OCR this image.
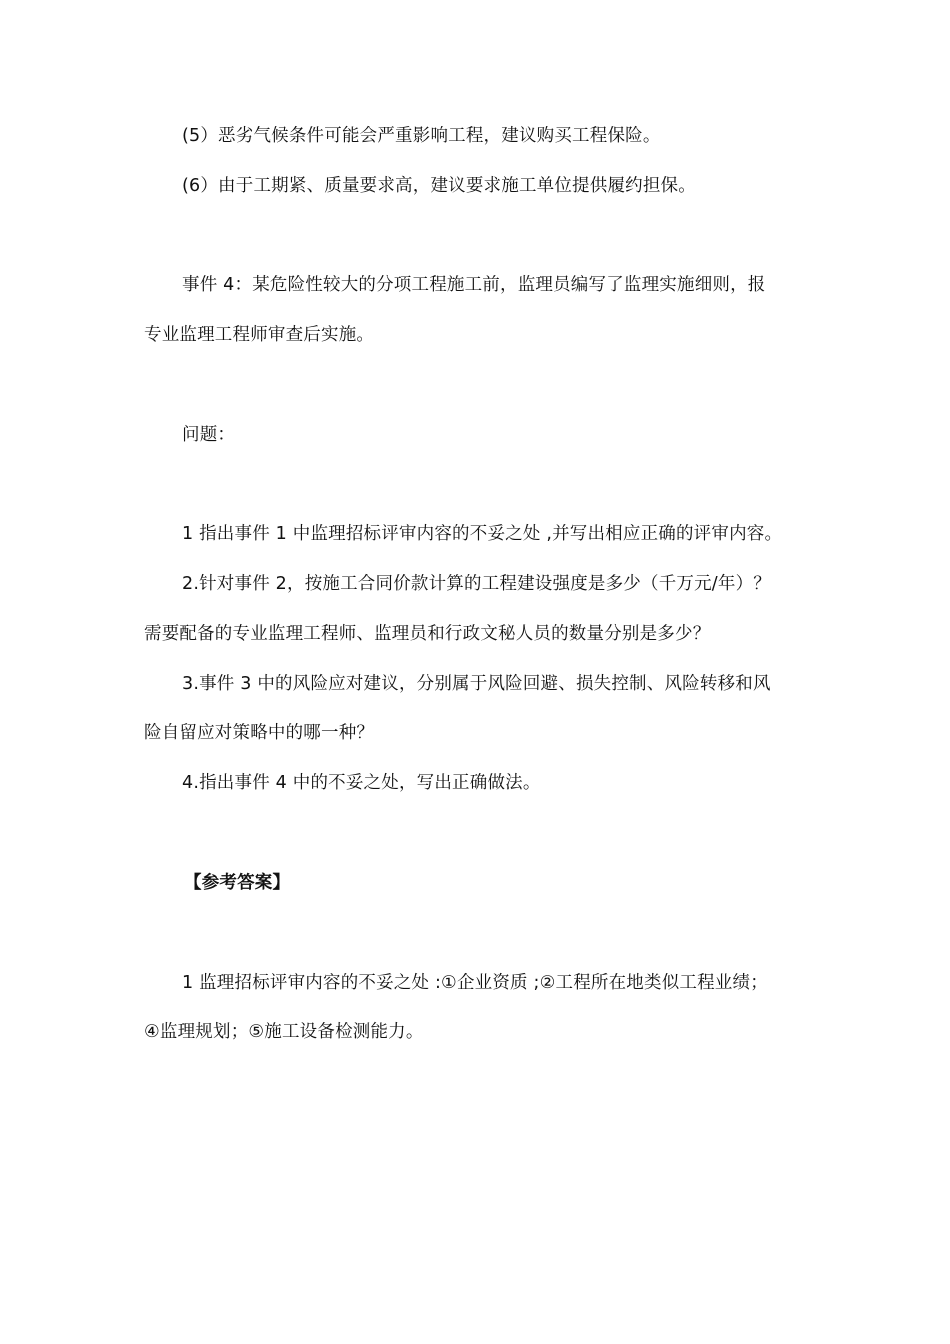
(5）恶劣气候条件可能会严重影响工程，建议购买工程保险。
(6）由于工期紧、质量要求高，建议要求施工单位提供履约担保。
事件 4：某危险性较大的分项工程施工前，监理员编写了监理实施细则，报
专业监理工程师审查后实施。
问题：
1 指出事件 1 中监理招标评审内容的不妥之处 ,并写出相应正确的评审内容。
2.针对事件 2，按施工合同价款计算的工程建设强度是多少（千万元/年）？
需要配备的专业监理工程师、监理员和行政文秘人员的数量分别是多少？
3.事件 3 中的风险应对建议，分别属于风险回避、损失控制、风险转移和风
险自留应对策略中的哪一种？
4.指出事件 4 中的不妥之处，写出正确做法。
【参考答案】
1 监理招标评审内容的不妥之处 :①企业资质 ;②工程所在地类似工程业绩；
④监理规划；⑤施工设备检测能力。
